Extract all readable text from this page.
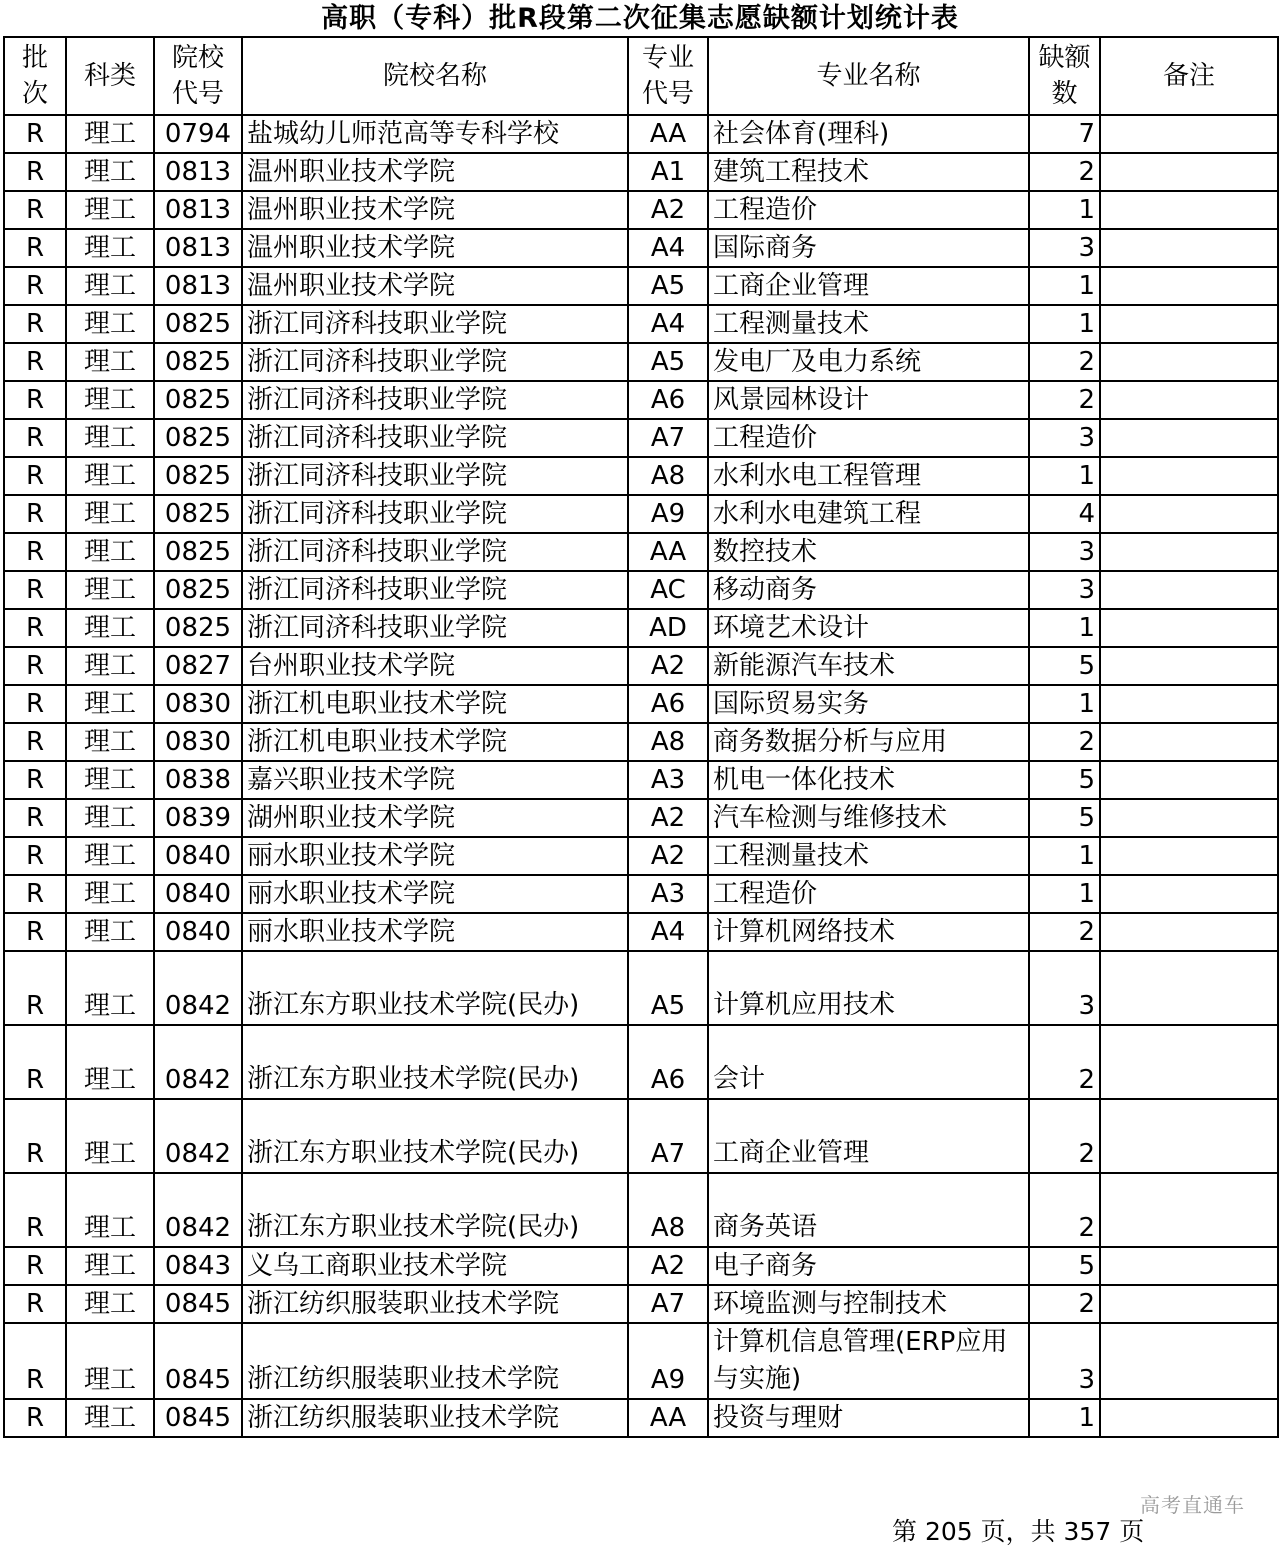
高职（专科）批R段第二次征集志愿缺额计划统计表
批次	科类	院校代号	院校名称	专业代号	专业名称	缺额数	备注
R	理工	0794	盐城幼儿师范高等专科学校	AA	社会体育(理科)	7	
R	理工	0813	温州职业技术学院	A1	建筑工程技术	2	
R	理工	0813	温州职业技术学院	A2	工程造价	1	
R	理工	0813	温州职业技术学院	A4	国际商务	3	
R	理工	0813	温州职业技术学院	A5	工商企业管理	1	
R	理工	0825	浙江同济科技职业学院	A4	工程测量技术	1	
R	理工	0825	浙江同济科技职业学院	A5	发电厂及电力系统	2	
R	理工	0825	浙江同济科技职业学院	A6	风景园林设计	2	
R	理工	0825	浙江同济科技职业学院	A7	工程造价	3	
R	理工	0825	浙江同济科技职业学院	A8	水利水电工程管理	1	
R	理工	0825	浙江同济科技职业学院	A9	水利水电建筑工程	4	
R	理工	0825	浙江同济科技职业学院	AA	数控技术	3	
R	理工	0825	浙江同济科技职业学院	AC	移动商务	3	
R	理工	0825	浙江同济科技职业学院	AD	环境艺术设计	1	
R	理工	0827	台州职业技术学院	A2	新能源汽车技术	5	
R	理工	0830	浙江机电职业技术学院	A6	国际贸易实务	1	
R	理工	0830	浙江机电职业技术学院	A8	商务数据分析与应用	2	
R	理工	0838	嘉兴职业技术学院	A3	机电一体化技术	5	
R	理工	0839	湖州职业技术学院	A2	汽车检测与维修技术	5	
R	理工	0840	丽水职业技术学院	A2	工程测量技术	1	
R	理工	0840	丽水职业技术学院	A3	工程造价	1	
R	理工	0840	丽水职业技术学院	A4	计算机网络技术	2	
R	理工	0842	浙江东方职业技术学院(民办)	A5	计算机应用技术	3	
R	理工	0842	浙江东方职业技术学院(民办)	A6	会计	2	
R	理工	0842	浙江东方职业技术学院(民办)	A7	工商企业管理	2	
R	理工	0842	浙江东方职业技术学院(民办)	A8	商务英语	2	
R	理工	0843	义乌工商职业技术学院	A2	电子商务	5	
R	理工	0845	浙江纺织服装职业技术学院	A7	环境监测与控制技术	2	
R	理工	0845	浙江纺织服装职业技术学院	A9	计算机信息管理(ERP应用与实施)	3	
R	理工	0845	浙江纺织服装职业技术学院	AA	投资与理财	1	
高考直通车
第 205 页，共 357 页
